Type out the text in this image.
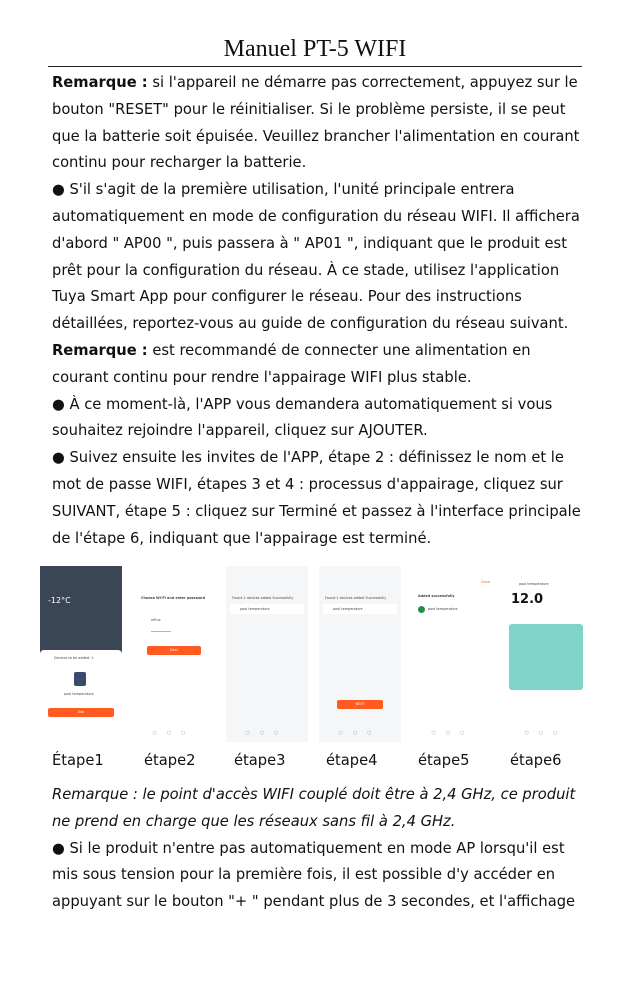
Manuel PT-5 WIFI

Remarque : si l'appareil ne démarre pas correctement, appuyez sur le bouton "RESET" pour le réinitialiser. Si le problème persiste, il se peut que la batterie soit épuisée. Veuillez brancher l'alimentation en courant continu pour recharger la batterie.

● S'il s'agit de la première utilisation, l'unité principale entrera automatiquement en mode de configuration du réseau WIFI. Il affichera d'abord " AP00 ", puis passera à " AP01 ", indiquant que le produit est prêt pour la configuration du réseau. À ce stade, utilisez l'application Tuya Smart App pour configurer le réseau. Pour des instructions détaillées, reportez-vous au guide de configuration du réseau suivant.

Remarque : est recommandé de connecter une alimentation en courant continu pour rendre l'appairage WIFI plus stable.

● À ce moment-là, l'APP vous demandera automatiquement si vous souhaitez rejoindre l'appareil, cliquez sur AJOUTER.

● Suivez ensuite les invites de l'APP, étape 2 : définissez le nom et le mot de passe WIFI, étapes 3 et 4 : processus d'appairage, cliquez sur SUIVANT, étape 5 : cliquez sur Terminé et passez à l'interface principale de l'étape 6, indiquant que l'appairage est terminé.

-12°C
Devices to be added: 1
pool temperature
Add
Choose Wi-Fi and enter password
mflux
••••••••••
Next
○○○
Found 1 devices added Successfully
pool temperature
○○○
Found 1 devices added Successfully
pool temperature
NEXT
○○○
Done
Added successfully
pool temperature
○○○
pool temperature
12.0
○○○
Étape1	étape2	étape3	étape4	étape5	étape6

Remarque : le point d'accès WIFI couplé doit être à 2,4 GHz, ce produit ne prend en charge que les réseaux sans fil à 2,4 GHz.

● Si le produit n'entre pas automatiquement en mode AP lorsqu'il est mis sous tension pour la première fois, il est possible d'y accéder en appuyant sur le bouton "+ " pendant plus de 3 secondes, et l'affichage
